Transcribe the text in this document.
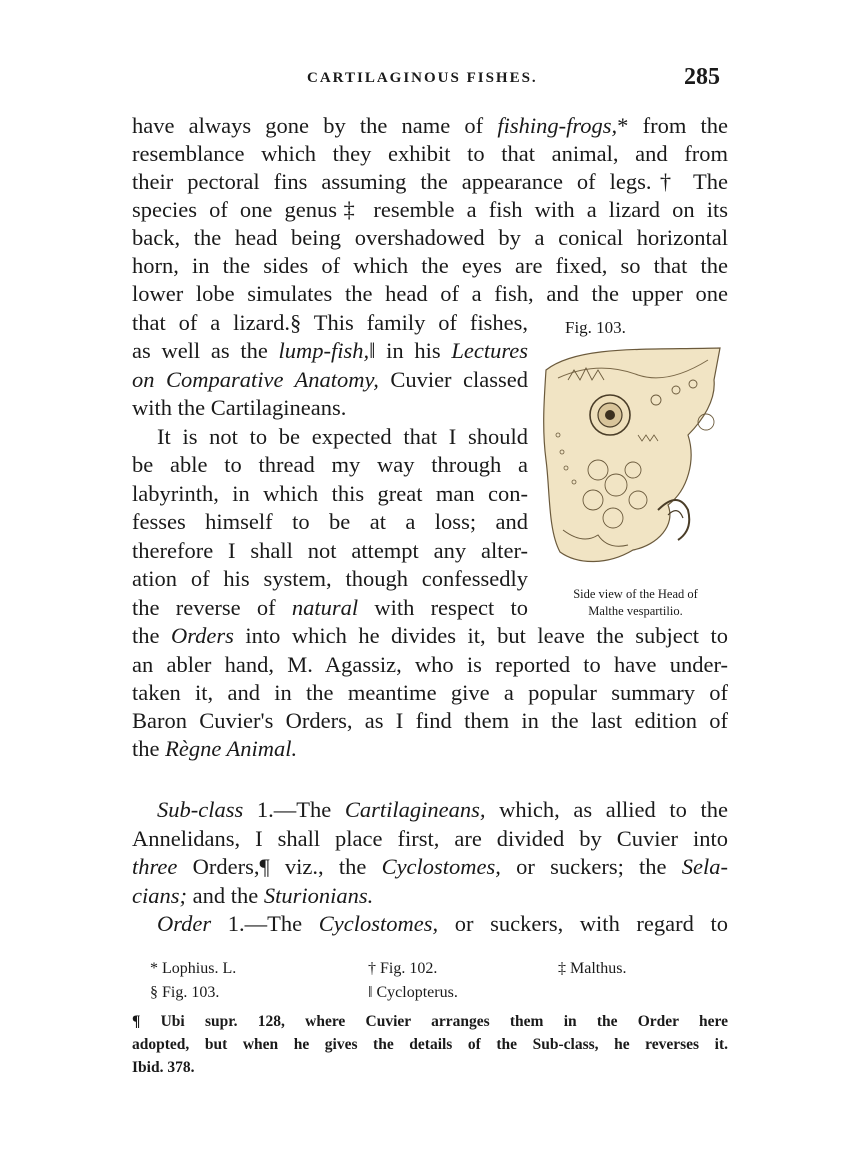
CARTILAGINOUS FISHES.	285
have always gone by the name of fishing-frogs,* from the
resemblance which they exhibit to that animal, and from
their pectoral fins assuming the appearance of legs.† The
species of one genus‡ resemble a fish with a lizard on its
back, the head being overshadowed by a conical horizontal
horn, in the sides of which the eyes are fixed, so that the
lower lobe simulates the head of a fish, and the upper one
that of a lizard.§ This family of fishes,
as well as the lump-fish,‖ in his Lectures
on Comparative Anatomy, Cuvier classed
with the Cartilagineans.
It is not to be expected that I should
be able to thread my way through a
labyrinth, in which this great man con-
fesses himself to be at a loss; and
therefore I shall not attempt any alter-
ation of his system, though confessedly
the reverse of natural with respect to
the Orders into which he divides it, but leave the subject to
an abler hand, M. Agassiz, who is reported to have under-
taken it, and in the meantime give a popular summary of
Baron Cuvier's Orders, as I find them in the last edition of
the Règne Animal.
Sub-class 1.—The Cartilagineans, which, as allied to the
Annelidans, I shall place first, are divided by Cuvier into
three Orders,¶ viz., the Cyclostomes, or suckers; the Sela-
cians; and the Sturionians.
Order 1.—The Cyclostomes, or suckers, with regard to
Fig. 103.
Side view of the Head of
Malthe vespartilio.
* Lophius. L.	† Fig. 102.	‡ Malthus.
§ Fig. 103.	‖ Cyclopterus.
¶ Ubi supr. 128, where Cuvier arranges them in the Order here
adopted, but when he gives the details of the Sub-class, he reverses it.
Ibid. 378.
